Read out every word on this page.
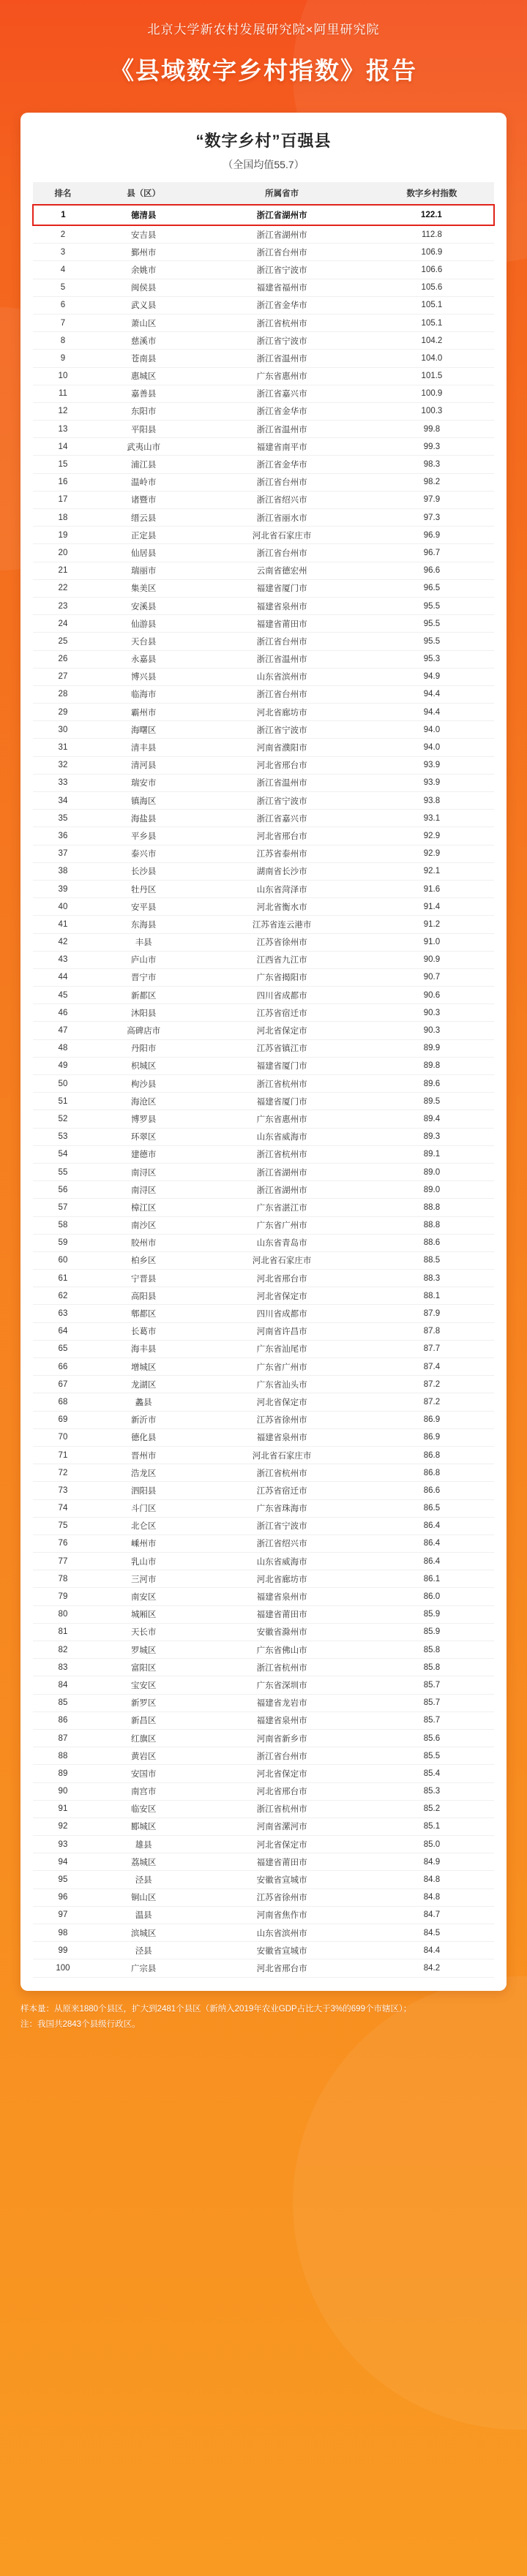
北京大学新农村发展研究院×阿里研究院
《县域数字乡村指数》报告
“数字乡村”百强县
（全国均值55.7）
排名	县（区）	所属省市	数字乡村指数
1	德清县	浙江省湖州市	122.1
2	安吉县	浙江省湖州市	112.8
3	鄞州市	浙江省台州市	106.9
4	余姚市	浙江省宁波市	106.6
5	闽侯县	福建省福州市	105.6
6	武义县	浙江省金华市	105.1
7	萧山区	浙江省杭州市	105.1
8	慈溪市	浙江省宁波市	104.2
9	苍南县	浙江省温州市	104.0
10	惠城区	广东省惠州市	101.5
11	嘉善县	浙江省嘉兴市	100.9
12	东阳市	浙江省金华市	100.3
13	平阳县	浙江省温州市	99.8
14	武夷山市	福建省南平市	99.3
15	浦江县	浙江省金华市	98.3
16	温岭市	浙江省台州市	98.2
17	诸暨市	浙江省绍兴市	97.9
18	缙云县	浙江省丽水市	97.3
19	正定县	河北省石家庄市	96.9
20	仙居县	浙江省台州市	96.7
21	瑞丽市	云南省德宏州	96.6
22	集美区	福建省厦门市	96.5
23	安溪县	福建省泉州市	95.5
24	仙游县	福建省莆田市	95.5
25	天台县	浙江省台州市	95.5
26	永嘉县	浙江省温州市	95.3
27	博兴县	山东省滨州市	94.9
28	临海市	浙江省台州市	94.4
29	霸州市	河北省廊坊市	94.4
30	海曙区	浙江省宁波市	94.0
31	清丰县	河南省濮阳市	94.0
32	清河县	河北省邢台市	93.9
33	瑞安市	浙江省温州市	93.9
34	镇海区	浙江省宁波市	93.8
35	海盐县	浙江省嘉兴市	93.1
36	平乡县	河北省邢台市	92.9
37	泰兴市	江苏省泰州市	92.9
38	长沙县	湖南省长沙市	92.1
39	牡丹区	山东省菏泽市	91.6
40	安平县	河北省衡水市	91.4
41	东海县	江苏省连云港市	91.2
42	丰县	江苏省徐州市	91.0
43	庐山市	江西省九江市	90.9
44	晋宁市	广东省揭阳市	90.7
45	新都区	四川省成都市	90.6
46	沐阳县	江苏省宿迁市	90.3
47	高碑店市	河北省保定市	90.3
48	丹阳市	江苏省镇江市	89.9
49	枳城区	福建省厦门市	89.8
50	枸沙县	浙江省杭州市	89.6
51	海沧区	福建省厦门市	89.5
52	博罗县	广东省惠州市	89.4
53	环翠区	山东省威海市	89.3
54	建德市	浙江省杭州市	89.1
55	南浔区	浙江省湖州市	89.0
56	南浔区	浙江省湖州市	89.0
57	樟江区	广东省湛江市	88.8
58	南沙区	广东省广州市	88.8
59	胶州市	山东省青岛市	88.6
60	柏乡区	河北省石家庄市	88.5
61	宁晋县	河北省邢台市	88.3
62	高阳县	河北省保定市	88.1
63	郫都区	四川省成都市	87.9
64	长葛市	河南省许昌市	87.8
65	海丰县	广东省汕尾市	87.7
66	增城区	广东省广州市	87.4
67	龙湖区	广东省汕头市	87.2
68	蠡县	河北省保定市	87.2
69	新沂市	江苏省徐州市	86.9
70	德化县	福建省泉州市	86.9
71	晋州市	河北省石家庄市	86.8
72	浩龙区	浙江省杭州市	86.8
73	泗阳县	江苏省宿迁市	86.6
74	斗门区	广东省珠海市	86.5
75	北仑区	浙江省宁波市	86.4
76	嵊州市	浙江省绍兴市	86.4
77	乳山市	山东省威海市	86.4
78	三河市	河北省廊坊市	86.1
79	南安区	福建省泉州市	86.0
80	城厢区	福建省莆田市	85.9
81	天长市	安徽省滁州市	85.9
82	罗城区	广东省佛山市	85.8
83	富阳区	浙江省杭州市	85.8
84	宝安区	广东省深圳市	85.7
85	新罗区	福建省龙岩市	85.7
86	新昌区	福建省泉州市	85.7
87	红旗区	河南省新乡市	85.6
88	黄岩区	浙江省台州市	85.5
89	安国市	河北省保定市	85.4
90	南宫市	河北省邢台市	85.3
91	临安区	浙江省杭州市	85.2
92	郾城区	河南省漯河市	85.1
93	雄县	河北省保定市	85.0
94	荔城区	福建省莆田市	84.9
95	泾县	安徽省宣城市	84.8
96	铜山区	江苏省徐州市	84.8
97	温县	河南省焦作市	84.7
98	滨城区	山东省滨州市	84.5
99	泾县	安徽省宣城市	84.4
100	广宗县	河北省邢台市	84.2

样本量：从原来1880个县区，扩大到2481个县区（新纳入2019年农业GDP占比大于3%的699个市辖区）；

注：我国共2843个县级行政区。
